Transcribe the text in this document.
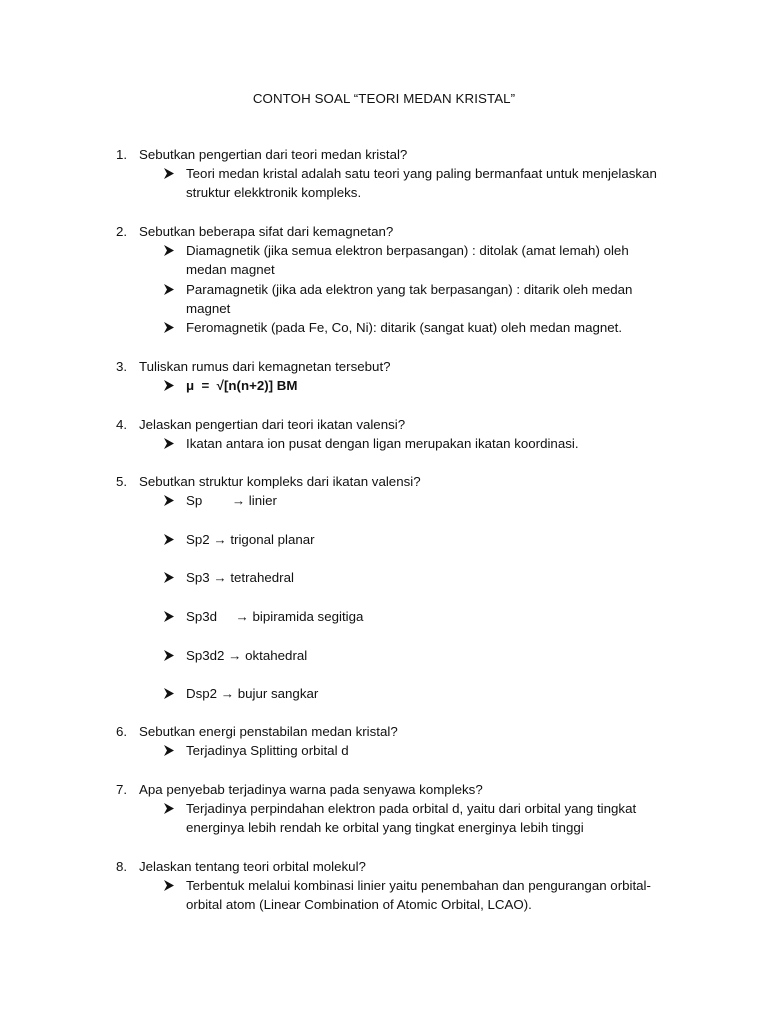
CONTOH SOAL “TEORI MEDAN KRISTAL”
1. Sebutkan pengertian dari teori medan kristal?
Teori medan kristal adalah satu teori yang paling bermanfaat untuk menjelaskan struktur elekktronik kompleks.
2. Sebutkan beberapa sifat dari kemagnetan?
Diamagnetik (jika semua elektron berpasangan) : ditolak (amat lemah) oleh medan magnet
Paramagnetik (jika ada elektron yang tak berpasangan) : ditarik oleh medan magnet
Feromagnetik (pada Fe, Co, Ni): ditarik (sangat kuat) oleh medan magnet.
3. Tuliskan rumus dari kemagnetan tersebut?
μ  =  √[n(n+2)] BM
4. Jelaskan pengertian dari teori ikatan valensi?
Ikatan antara ion pusat dengan ligan merupakan ikatan koordinasi.
5. Sebutkan struktur kompleks dari ikatan valensi?
Sp        → linier
Sp2 → trigonal planar
Sp3 → tetrahedral
Sp3d     → bipiramida segitiga
Sp3d2 → oktahedral
Dsp2 → bujur sangkar
6. Sebutkan energi penstabilan medan kristal?
Terjadinya Splitting orbital d
7. Apa penyebab terjadinya warna pada senyawa kompleks?
Terjadinya perpindahan elektron pada orbital d, yaitu dari orbital yang tingkat energinya lebih rendah ke orbital yang tingkat energinya lebih tinggi
8. Jelaskan tentang teori orbital molekul?
Terbentuk melalui kombinasi linier yaitu penembahan dan pengurangan orbital-orbital atom (Linear Combination of Atomic Orbital, LCAO).
